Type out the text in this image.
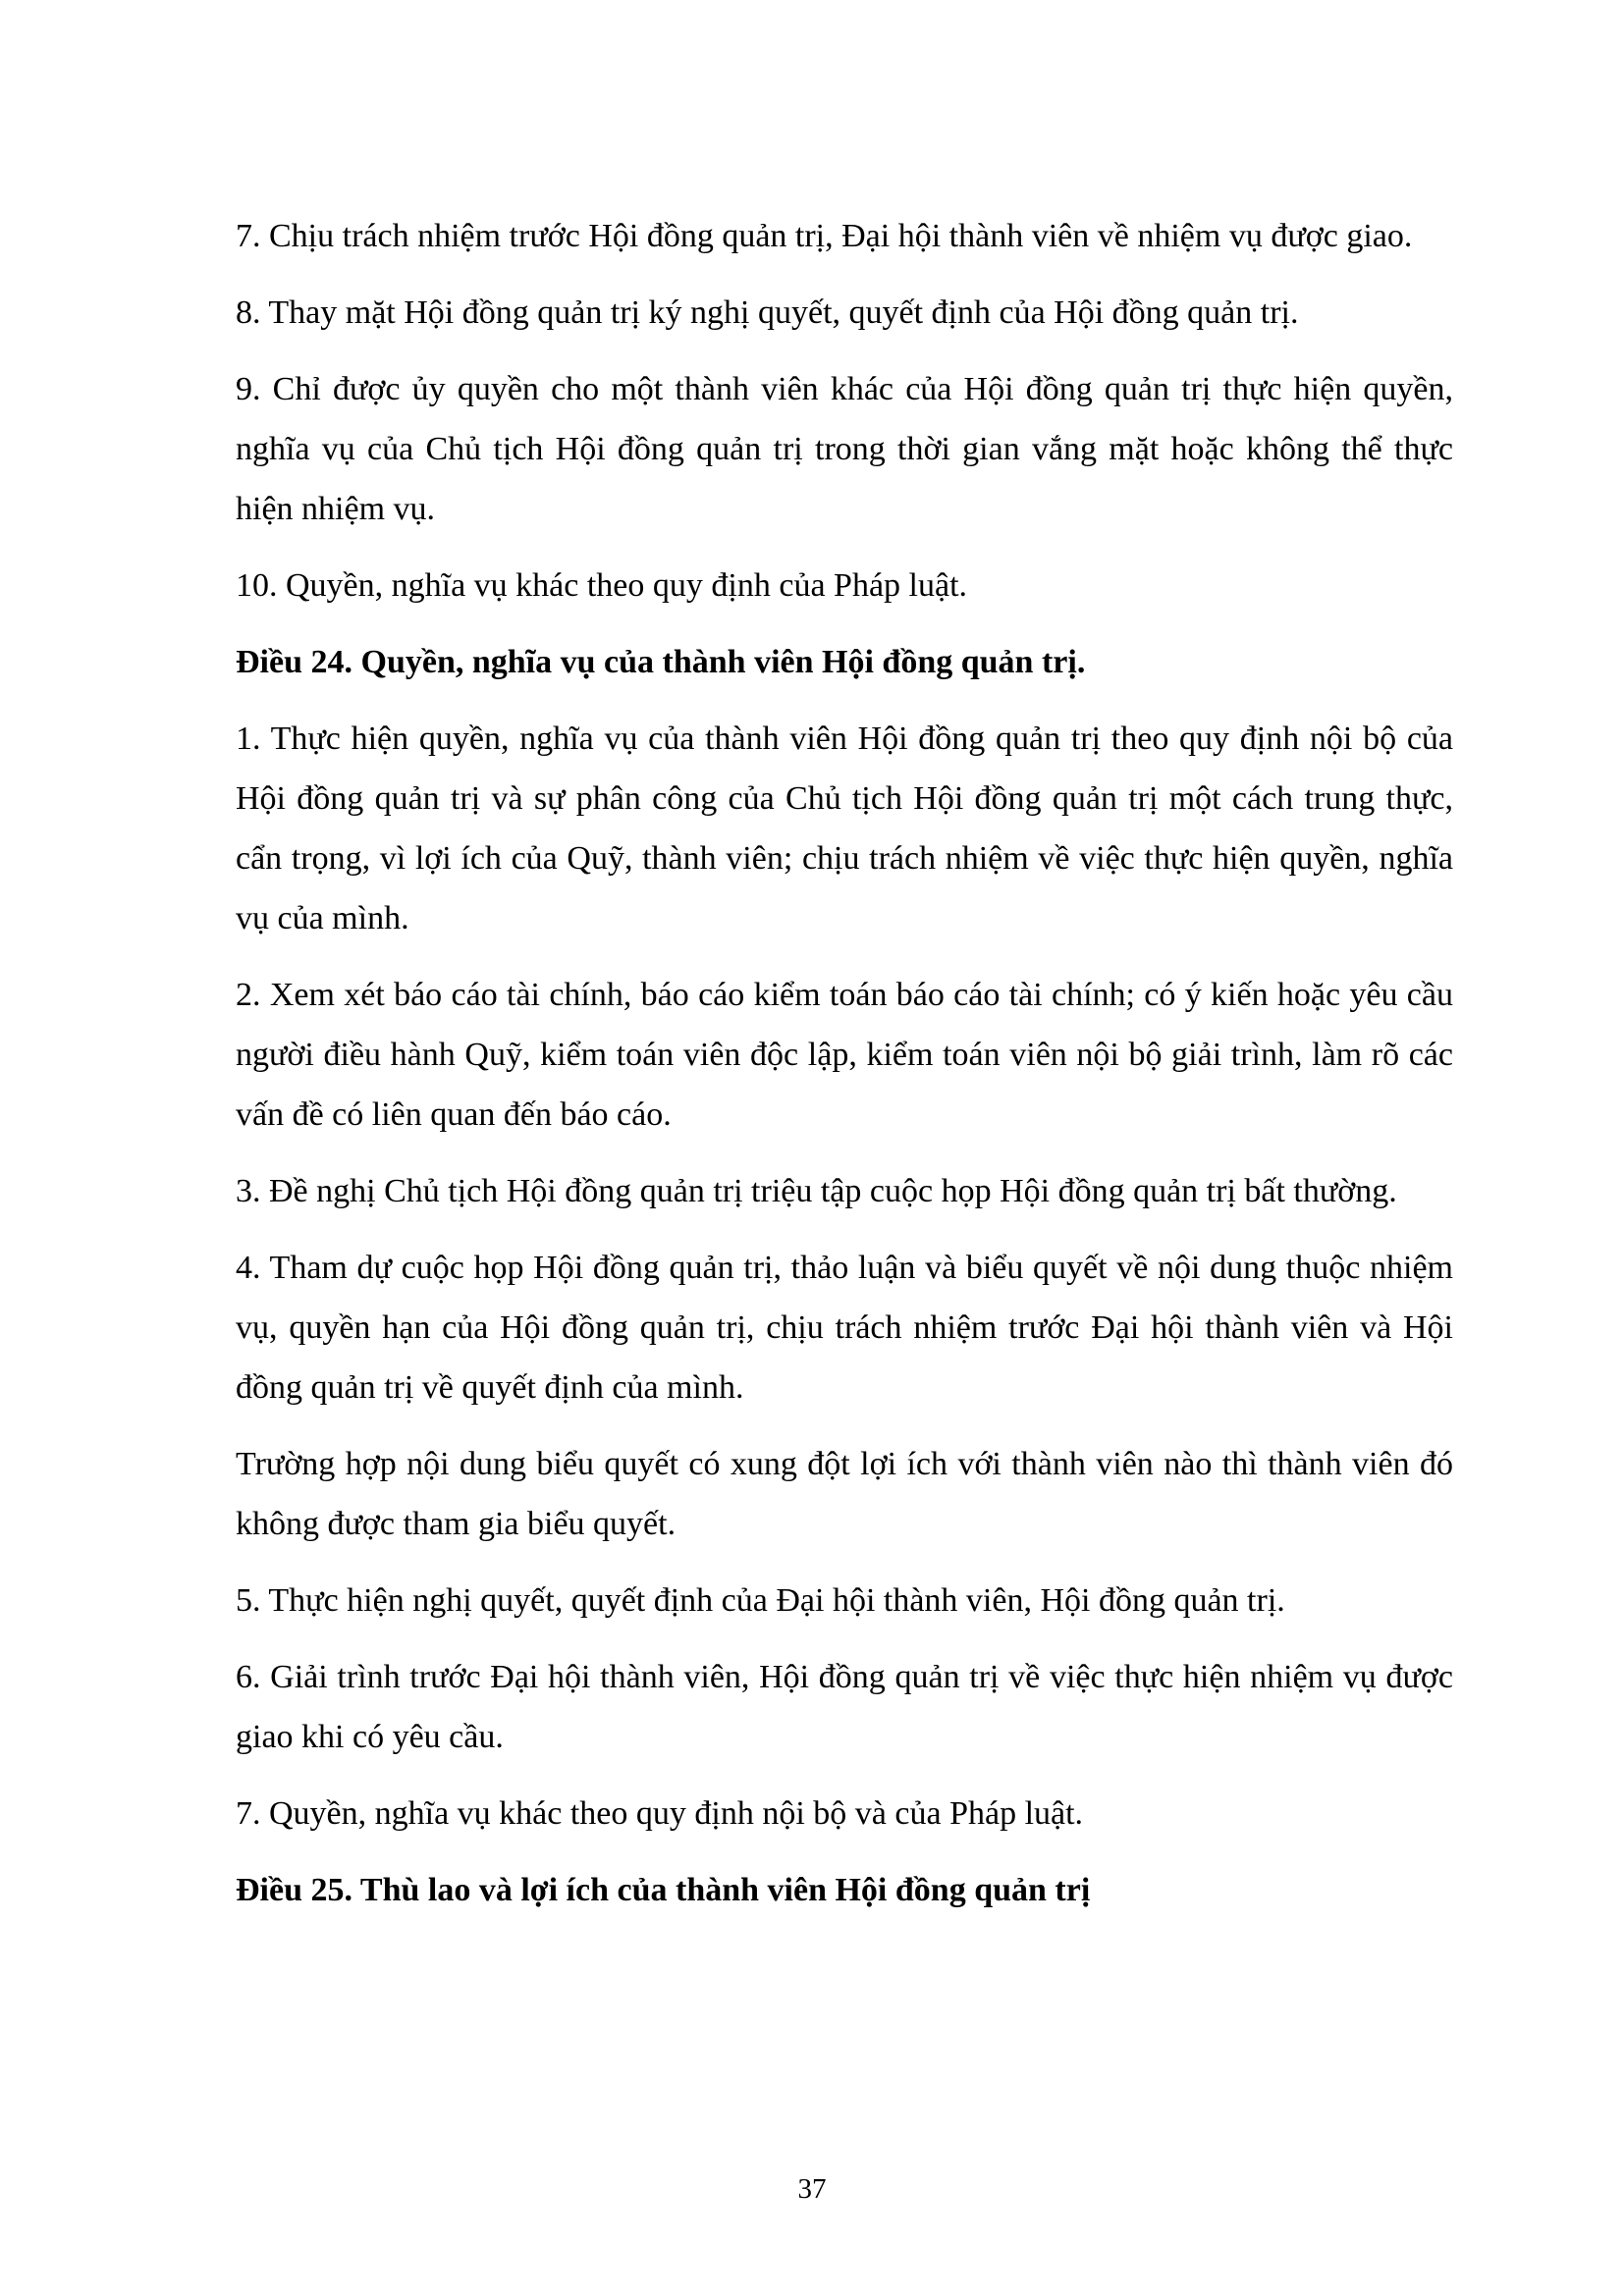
7. Chịu trách nhiệm trước Hội đồng quản trị, Đại hội thành viên về nhiệm vụ được giao.

8. Thay mặt Hội đồng quản trị ký nghị quyết, quyết định của Hội đồng quản trị.

9. Chỉ được ủy quyền cho một thành viên khác của Hội đồng quản trị thực hiện quyền, nghĩa vụ của Chủ tịch Hội đồng quản trị trong thời gian vắng mặt hoặc không thể thực hiện nhiệm vụ.

10. Quyền, nghĩa vụ khác theo quy định của Pháp luật.

Điều 24. Quyền, nghĩa vụ của thành viên Hội đồng quản trị.

1. Thực hiện quyền, nghĩa vụ của thành viên Hội đồng quản trị theo quy định nội bộ của Hội đồng quản trị và sự phân công của Chủ tịch Hội đồng quản trị một cách trung thực, cẩn trọng, vì lợi ích của Quỹ, thành viên; chịu trách nhiệm về việc thực hiện quyền, nghĩa vụ của mình.

2. Xem xét báo cáo tài chính, báo cáo kiểm toán báo cáo tài chính; có ý kiến hoặc yêu cầu người điều hành Quỹ, kiểm toán viên độc lập, kiểm toán viên nội bộ giải trình, làm rõ các vấn đề có liên quan đến báo cáo.

3. Đề nghị Chủ tịch Hội đồng quản trị triệu tập cuộc họp Hội đồng quản trị bất thường.

4. Tham dự cuộc họp Hội đồng quản trị, thảo luận và biểu quyết về nội dung thuộc nhiệm vụ, quyền hạn của Hội đồng quản trị, chịu trách nhiệm trước Đại hội thành viên và Hội đồng quản trị về quyết định của mình.

Trường hợp nội dung biểu quyết có xung đột lợi ích với thành viên nào thì thành viên đó không được tham gia biểu quyết.

5. Thực hiện nghị quyết, quyết định của Đại hội thành viên, Hội đồng quản trị.

6. Giải trình trước Đại hội thành viên, Hội đồng quản trị về việc thực hiện nhiệm vụ được giao khi có yêu cầu.

7. Quyền, nghĩa vụ khác theo quy định nội bộ và của Pháp luật.

Điều 25. Thù lao và lợi ích của thành viên Hội đồng quản trị

37
